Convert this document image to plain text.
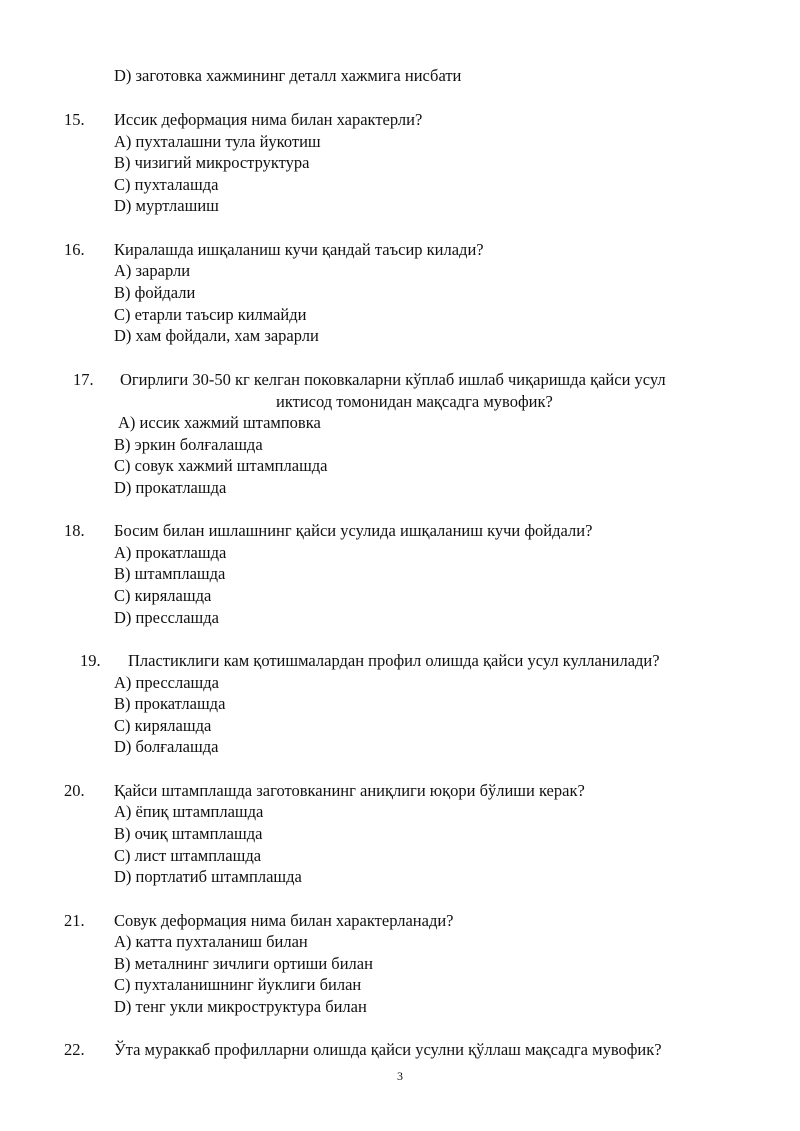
D) заготовка хажмининг деталл хажмига нисбати
15. Иссик деформация нима билан характерли?
A) пухталашни тула йукотиш
B) чизигий микроструктура
C) пухталашда
D) муртлашиш
16. Киралашда ишқаланиш кучи қандай таъсир килади?
A) зарарли
B) фойдали
C) етарли таъсир килмайди
D) хам фойдали, хам зарарли
17. Огирлиги 30-50 кг келган поковкаларни кўплаб ишлаб чиқаришда қайси усул
иктисод томонидан мақсадга мувофик?
A) иссик хажмий штамповка
B) эркин болғалашда
C) совук хажмий штамплашда
D) прокатлашда
18. Босим билан ишлашнинг қайси усулида ишқаланиш кучи фойдали?
A) прокатлашда
B) штамплашда
C) кирялашда
D) пресслашда
19. Пластиклиги кам қотишмалардан профил олишда қайси усул кулланилади?
A) пресслашда
B) прокатлашда
C) кирялашда
D) болғалашда
20. Қайси штамплашда заготовканинг аниқлиги юқори бўлиши керак?
A) ёпиқ штамплашда
B) очиқ штамплашда
C) лист штамплашда
D) портлатиб штамплашда
21. Совук деформация нима билан характерланади?
A) катта пухталаниш билан
B) металнинг зичлиги ортиши билан
C) пухталанишнинг йуклиги билан
D) тенг укли микроструктура билан
22. Ўта мураккаб профилларни олишда қайси усулни қўллаш мақсадга мувофик?
3
